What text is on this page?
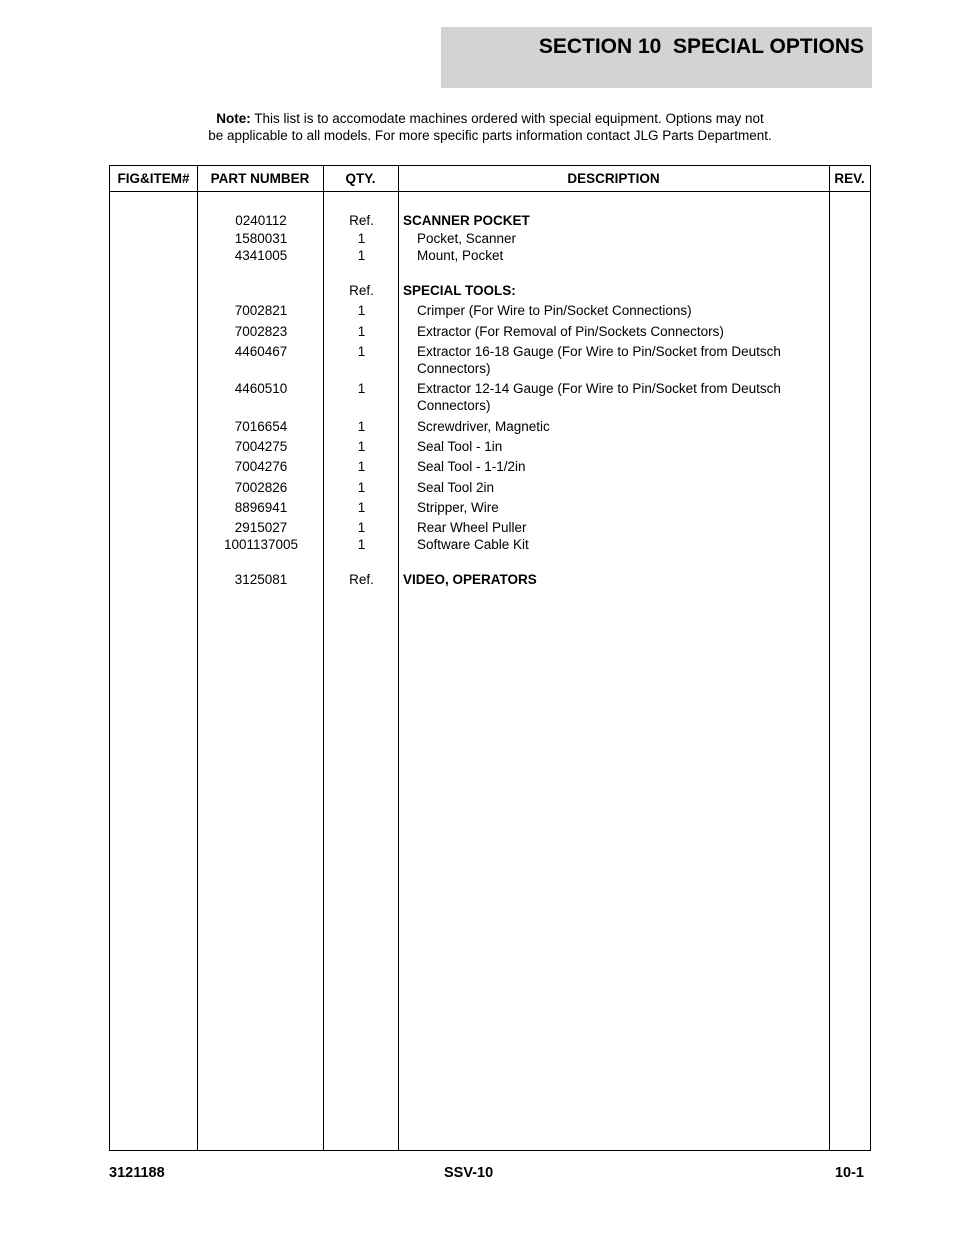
SECTION 10  SPECIAL OPTIONS
Note: This list is to accomodate machines ordered with special equipment. Options may not
be applicable to all models. For more specific parts information contact JLG Parts Department.
FIG&ITEM#	PART NUMBER	QTY.	DESCRIPTION	REV.
0240112	Ref.	SCANNER POCKET
1580031	1	Pocket, Scanner
4341005	1	Mount, Pocket
Ref.	SPECIAL TOOLS:
7002821	1	Crimper (For Wire to Pin/Socket Connections)
7002823	1	Extractor (For Removal of Pin/Sockets Connectors)
4460467	1	Extractor 16-18 Gauge (For Wire to Pin/Socket from Deutsch Connectors)
4460510	1	Extractor 12-14 Gauge (For Wire to Pin/Socket from Deutsch Connectors)
7016654	1	Screwdriver, Magnetic
7004275	1	Seal Tool - 1in
7004276	1	Seal Tool - 1-1/2in
7002826	1	Seal Tool 2in
8896941	1	Stripper, Wire
2915027	1	Rear Wheel Puller
1001137005	1	Software Cable Kit
3125081	Ref.	VIDEO, OPERATORS
3121188	SSV-10	10-1
